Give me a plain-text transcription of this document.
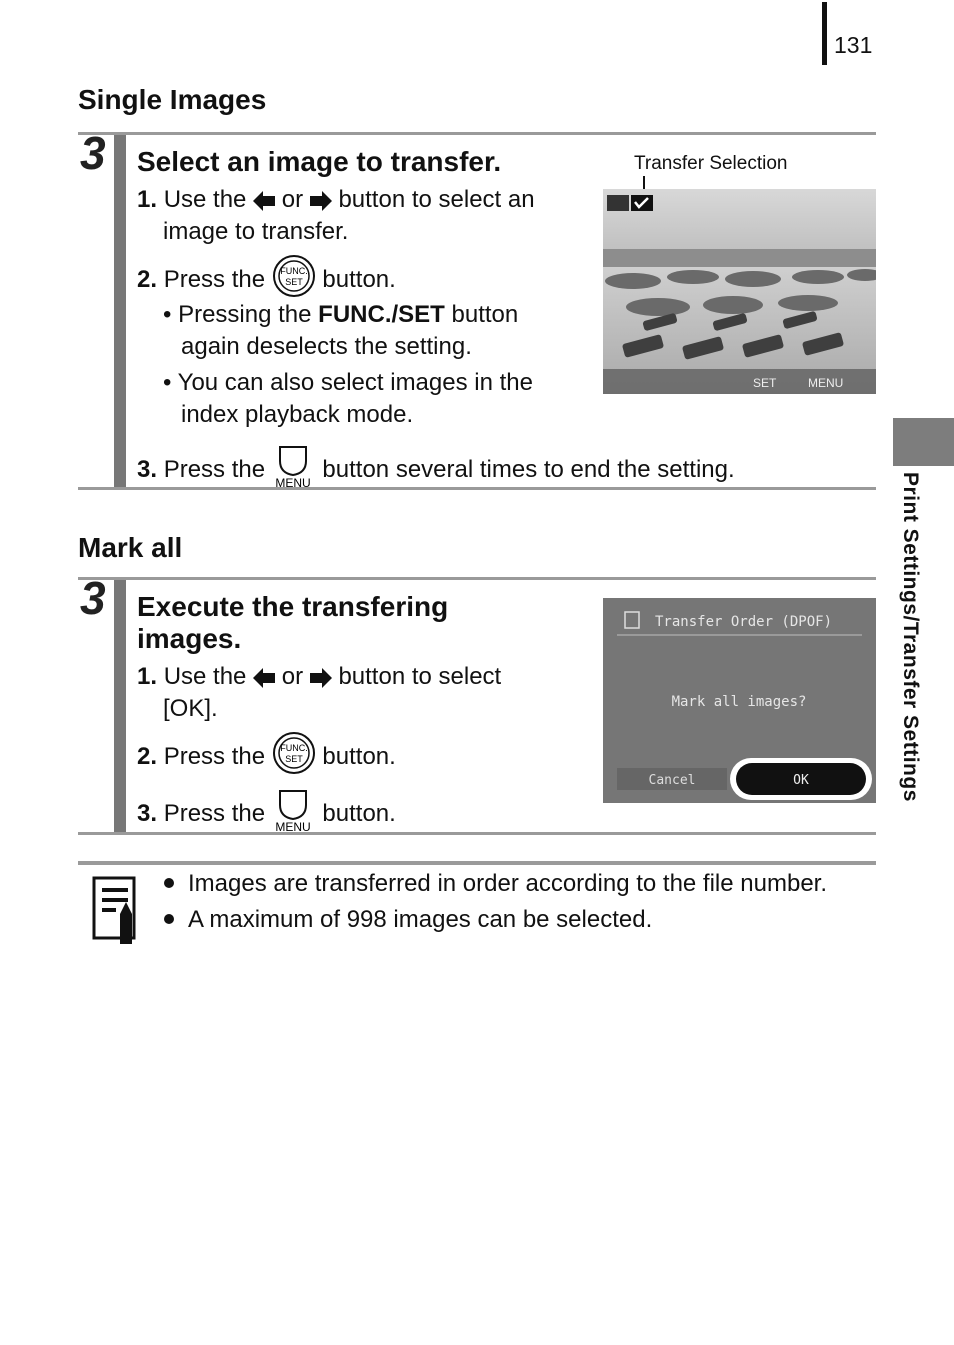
131
Print Settings/Transfer Settings
Single Images
3 Select an image to transfer.
1. Use the or button to select an
image to transfer.
2. Press the FUNC.
SET button.
• Pressing the FUNC./SET button
again deselects the setting.
• You can also select images in the
index playback mode.
3. Press the
MENU
button several times to end the setting.
Transfer Selection
SET	MENU
Mark all
3 Execute the transfering
images.
1. Use the or button to select
[OK].
2. Press the FUNC.
SET button.
3. Press the
MENU
button.
Transfer Order (DPOF)
Mark all images?
Cancel	OK
Images are transferred in order according to the file number.
A maximum of 998 images can be selected.
